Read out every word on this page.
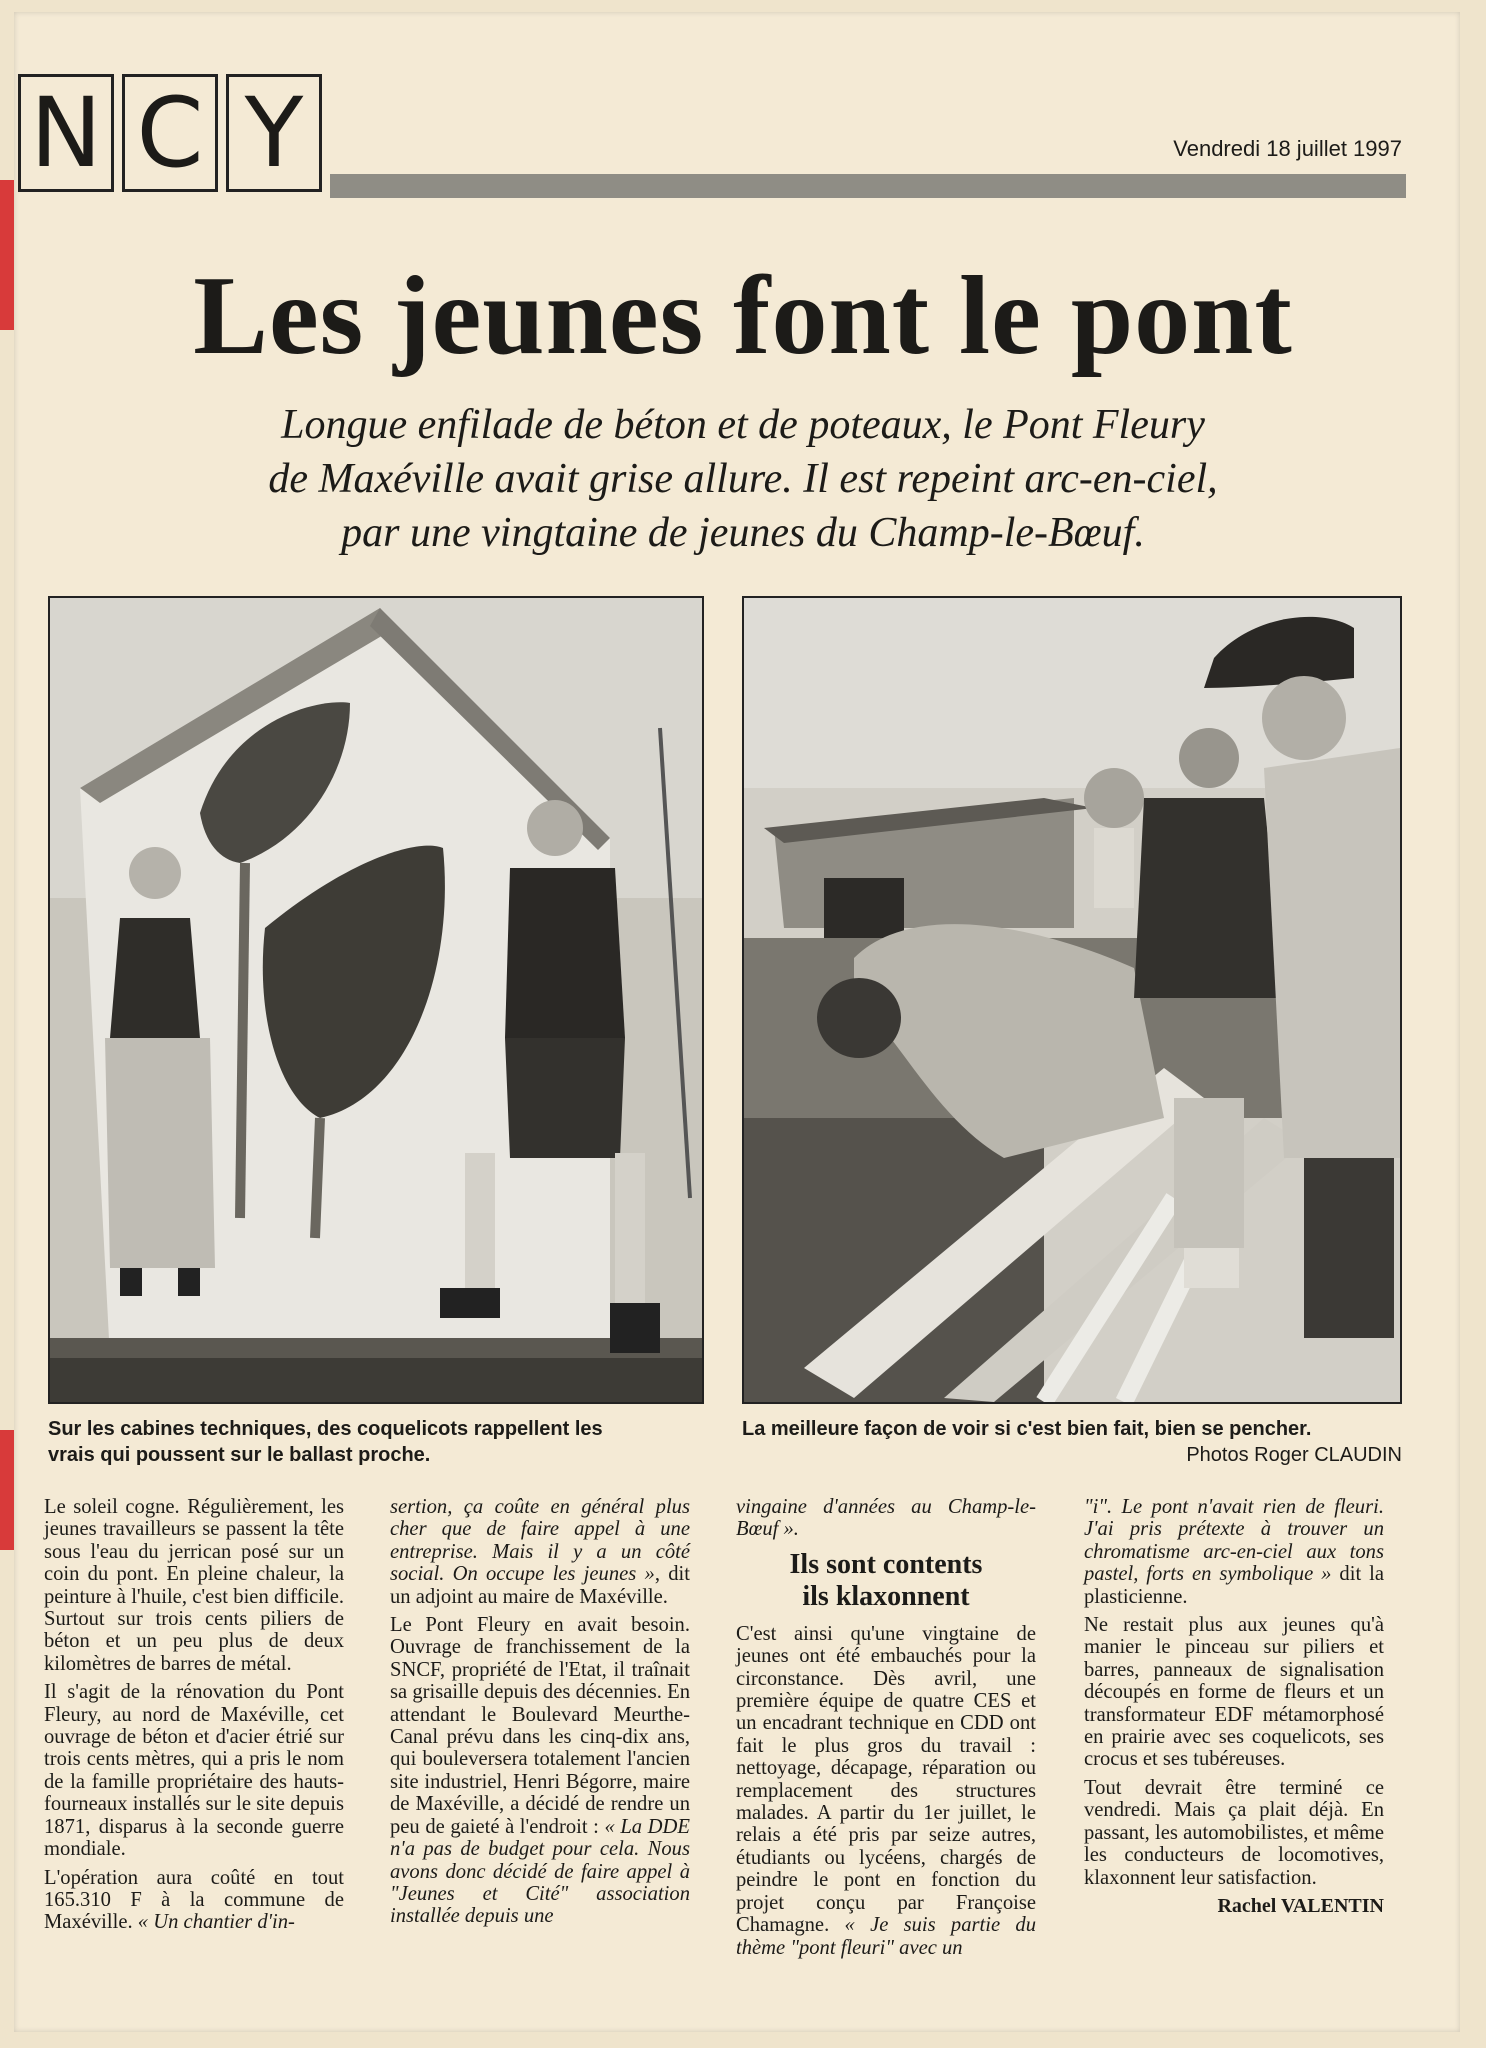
N C Y	Vendredi 18 juillet 1997
Les jeunes font le pont
Longue enfilade de béton et de poteaux, le Pont Fleury
de Maxéville avait grise allure. Il est repeint arc-en-ciel,
par une vingtaine de jeunes du Champ-le-Bœuf.
Sur les cabines techniques, des coquelicots rappellent les
vrais qui poussent sur le ballast proche.
La meilleure façon de voir si c'est bien fait, bien se pencher.
Photos Roger CLAUDIN

Le soleil cogne. Régulièrement, les jeunes travailleurs se passent la tête sous l'eau du jerrican posé sur un coin du pont. En pleine chaleur, la peinture à l'huile, c'est bien difficile. Surtout sur trois cents piliers de béton et un peu plus de deux kilomètres de barres de métal.

Il s'agit de la rénovation du Pont Fleury, au nord de Maxéville, cet ouvrage de béton et d'acier étrié sur trois cents mètres, qui a pris le nom de la famille propriétaire des hauts-fourneaux installés sur le site depuis 1871, disparus à la seconde guerre mondiale.

L'opération aura coûté en tout 165.310 F à la commune de Maxéville. « Un chantier d'in-

sertion, ça coûte en général plus cher que de faire appel à une entreprise. Mais il y a un côté social. On occupe les jeunes », dit un adjoint au maire de Maxéville.

Le Pont Fleury en avait besoin. Ouvrage de franchissement de la SNCF, propriété de l'Etat, il traînait sa grisaille depuis des décennies. En attendant le Boulevard Meurthe-Canal prévu dans les cinq-dix ans, qui bouleversera totalement l'ancien site industriel, Henri Bégorre, maire de Maxéville, a décidé de rendre un peu de gaieté à l'endroit : « La DDE n'a pas de budget pour cela. Nous avons donc décidé de faire appel à "Jeunes et Cité" association installée depuis une

vingaine d'années au Champ-le-Bœuf ».

Ils sont contents
ils klaxonnent

C'est ainsi qu'une vingtaine de jeunes ont été embauchés pour la circonstance. Dès avril, une première équipe de quatre CES et un encadrant technique en CDD ont fait le plus gros du travail : nettoyage, décapage, réparation ou remplacement des structures malades. A partir du 1er juillet, le relais a été pris par seize autres, étudiants ou lycéens, chargés de peindre le pont en fonction du projet conçu par Françoise Chamagne. « Je suis partie du thème "pont fleuri" avec un

"i". Le pont n'avait rien de fleuri. J'ai pris prétexte à trouver un chromatisme arc-en-ciel aux tons pastel, forts en symbolique » dit la plasticienne.

Ne restait plus aux jeunes qu'à manier le pinceau sur piliers et barres, panneaux de signalisation découpés en forme de fleurs et un transformateur EDF métamorphosé en prairie avec ses coquelicots, ses crocus et ses tubéreuses.

Tout devrait être terminé ce vendredi. Mais ça plait déjà. En passant, les automobilistes, et même les conducteurs de locomotives, klaxonnent leur satisfaction.

Rachel VALENTIN
